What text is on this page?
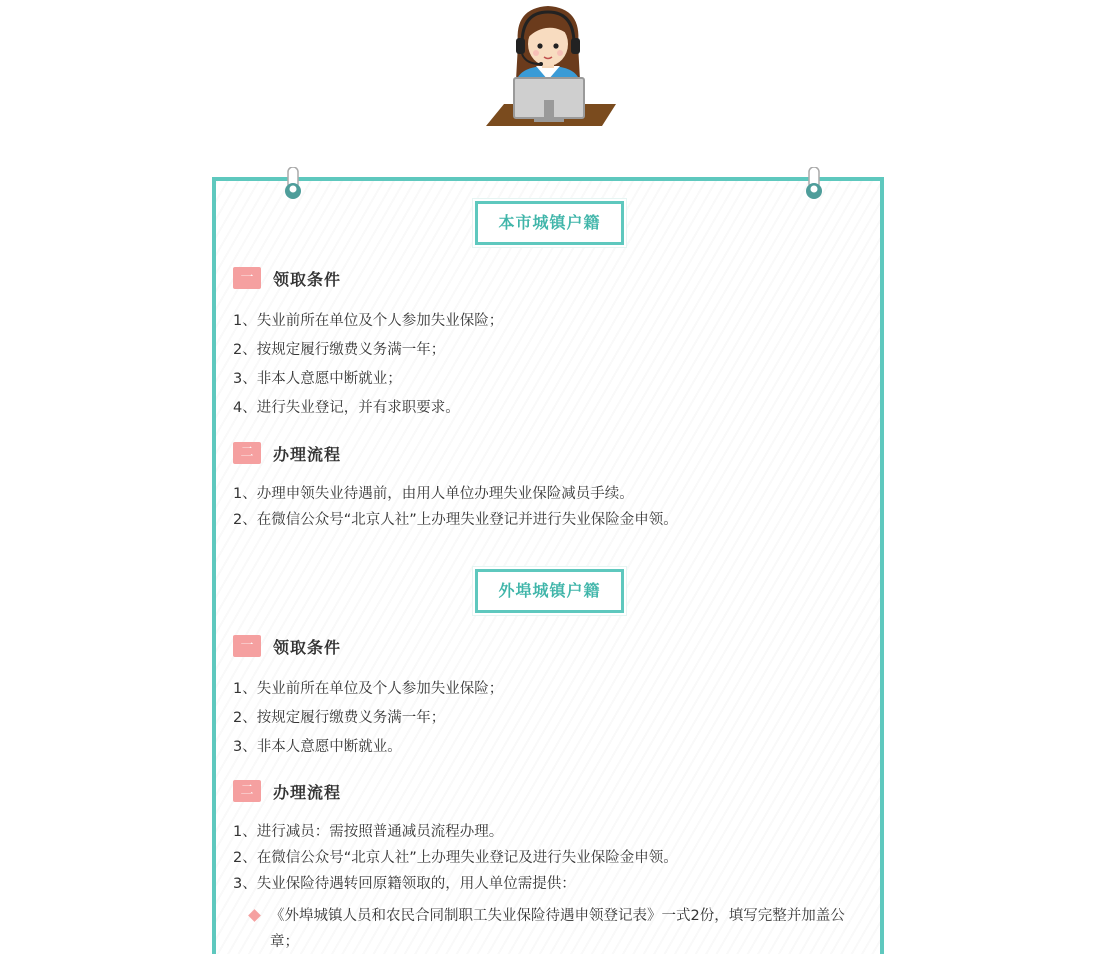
本市城镇户籍
一	领取条件
1、失业前所在单位及个人参加失业保险；
2、按规定履行缴费义务满一年；
3、非本人意愿中断就业；
4、进行失业登记，并有求职要求。
二	办理流程
1、办理申领失业待遇前，由用人单位办理失业保险减员手续。
2、在微信公众号“北京人社”上办理失业登记并进行失业保险金申领。
外埠城镇户籍
一	领取条件
1、失业前所在单位及个人参加失业保险；
2、按规定履行缴费义务满一年；
3、非本人意愿中断就业。
二	办理流程
1、进行减员：需按照普通减员流程办理。
2、在微信公众号“北京人社”上办理失业登记及进行失业保险金申领。
3、失业保险待遇转回原籍领取的，用人单位需提供：
《外埠城镇人员和农民合同制职工失业保险待遇申领登记表》一式2份，填写完整并加盖公章；
